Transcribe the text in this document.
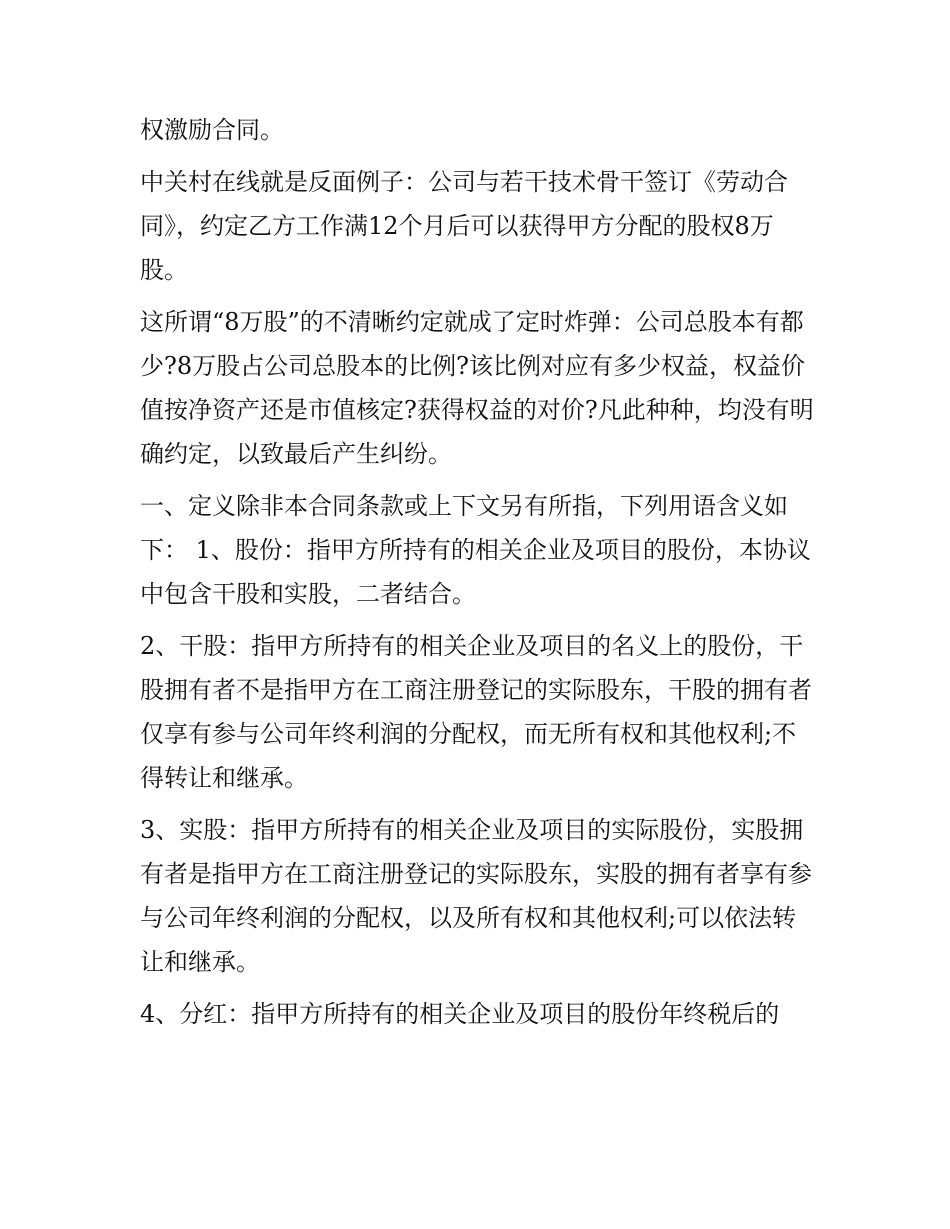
权激励合同。

中关村在线就是反面例子：公司与若干技术骨干签订《劳动合同》，约定乙方工作满12个月后可以获得甲方分配的股权8万股。

这所谓“8万股”的不清晰约定就成了定时炸弹：公司总股本有都少?8万股占公司总股本的比例?该比例对应有多少权益，权益价值按净资产还是市值核定?获得权益的对价?凡此种种，均没有明确约定，以致最后产生纠纷。

一、定义除非本合同条款或上下文另有所指，下列用语含义如下： 1、股份：指甲方所持有的相关企业及项目的股份，本协议中包含干股和实股，二者结合。

2、干股：指甲方所持有的相关企业及项目的名义上的股份，干股拥有者不是指甲方在工商注册登记的实际股东，干股的拥有者仅享有参与公司年终利润的分配权，而无所有权和其他权利;不得转让和继承。

3、实股：指甲方所持有的相关企业及项目的实际股份，实股拥有者是指甲方在工商注册登记的实际股东，实股的拥有者享有参与公司年终利润的分配权，以及所有权和其他权利;可以依法转让和继承。

4、分红：指甲方所持有的相关企业及项目的股份年终税后的
